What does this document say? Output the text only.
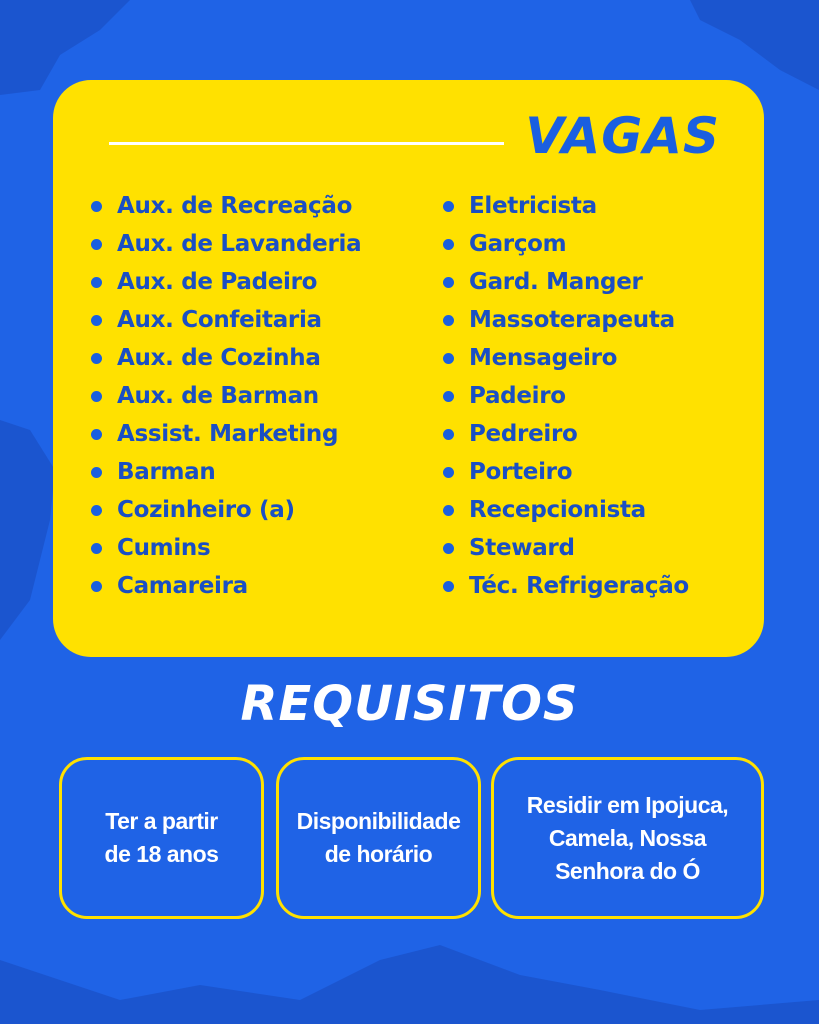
VAGAS
Aux. de Recreação
Aux. de Lavanderia
Aux. de Padeiro
Aux. Confeitaria
Aux. de Cozinha
Aux. de Barman
Assist. Marketing
Barman
Cozinheiro (a)
Cumins
Camareira
Eletricista
Garçom
Gard. Manger
Massoterapeuta
Mensageiro
Padeiro
Pedreiro
Porteiro
Recepcionista
Steward
Téc. Refrigeração
REQUISITOS
Ter a partir
de 18 anos
Disponibilidade
de horário
Residir em Ipojuca,
Camela, Nossa
Senhora do Ó
